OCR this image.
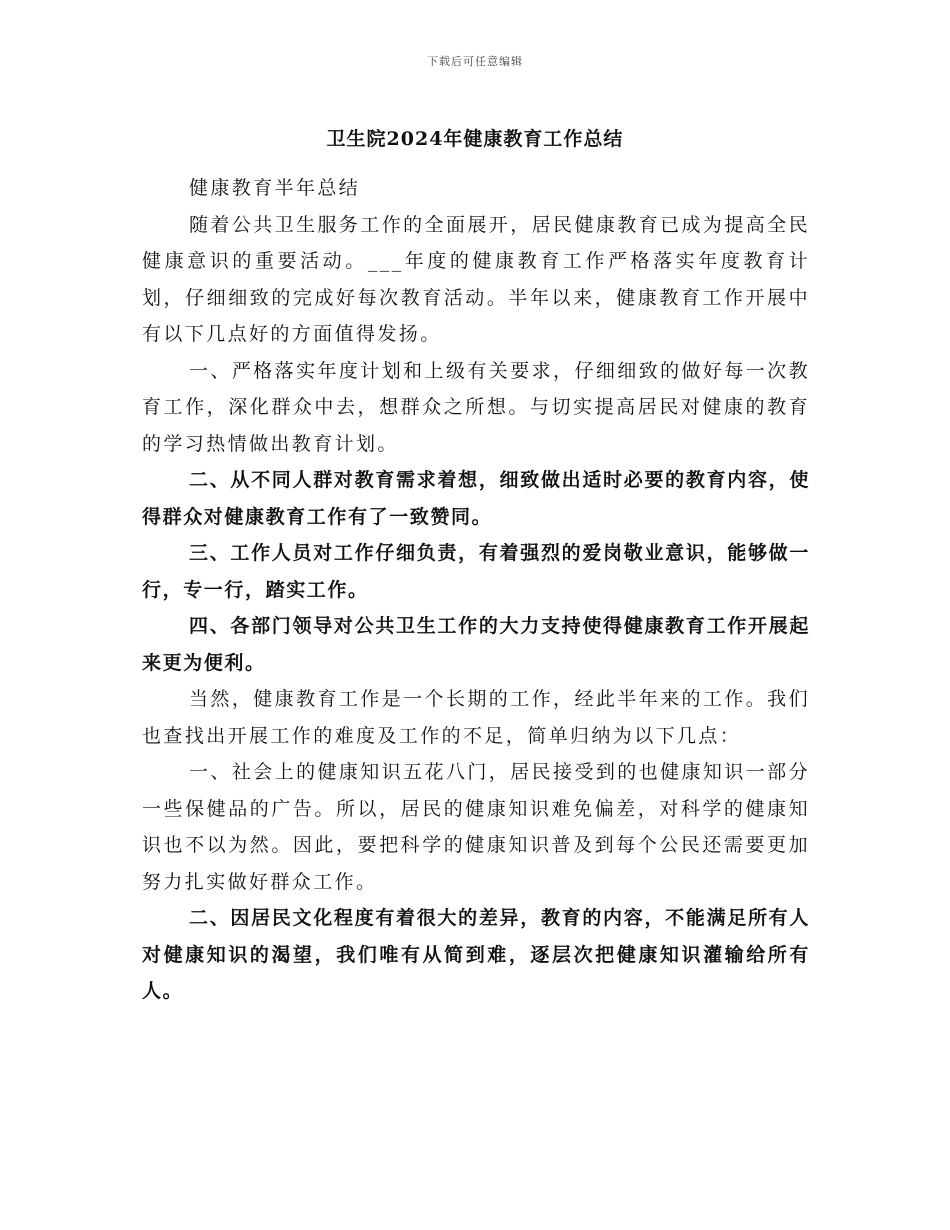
下载后可任意编辑
卫生院2024年健康教育工作总结

健康教育半年总结

随着公共卫生服务工作的全面展开，居民健康教育已成为提高全民健康意识的重要活动。___年度的健康教育工作严格落实年度教育计划，仔细细致的完成好每次教育活动。半年以来，健康教育工作开展中有以下几点好的方面值得发扬。

一、严格落实年度计划和上级有关要求，仔细细致的做好每一次教育工作，深化群众中去，想群众之所想。与切实提高居民对健康的教育的学习热情做出教育计划。

二、从不同人群对教育需求着想，细致做出适时必要的教育内容，使得群众对健康教育工作有了一致赞同。

三、工作人员对工作仔细负责，有着强烈的爱岗敬业意识，能够做一行，专一行，踏实工作。

四、各部门领导对公共卫生工作的大力支持使得健康教育工作开展起来更为便利。

当然，健康教育工作是一个长期的工作，经此半年来的工作。我们也查找出开展工作的难度及工作的不足，简单归纳为以下几点：

一、社会上的健康知识五花八门，居民接受到的也健康知识一部分一些保健品的广告。所以，居民的健康知识难免偏差，对科学的健康知识也不以为然。因此，要把科学的健康知识普及到每个公民还需要更加努力扎实做好群众工作。

二、因居民文化程度有着很大的差异，教育的内容，不能满足所有人对健康知识的渴望，我们唯有从简到难，逐层次把健康知识灌输给所有人。
